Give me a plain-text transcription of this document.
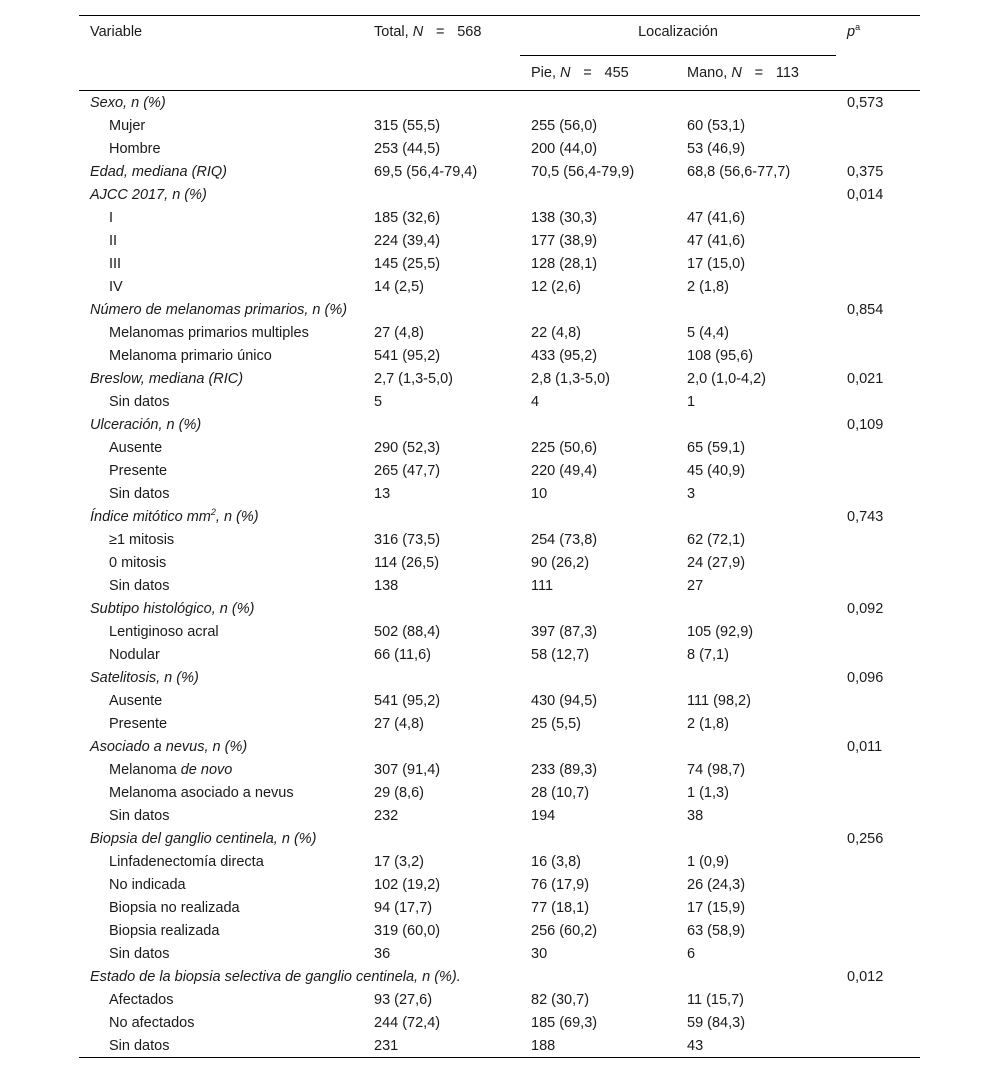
Variable	Total, N = 568	Localización		$p^a$
		Pie, N = 455	Mano, N = 113	
Sexo, n (%)				0,573
Mujer	315 (55,5)	255 (56,0)	60 (53,1)	
Hombre	253 (44,5)	200 (44,0)	53 (46,9)	
Edad, mediana (RIQ)	69,5 (56,4-79,4)	70,5 (56,4-79,9)	68,8 (56,6-77,7)	0,375
AJCC 2017, n (%)				0,014
I	185 (32,6)	138 (30,3)	47 (41,6)	
II	224 (39,4)	177 (38,9)	47 (41,6)	
III	145 (25,5)	128 (28,1)	17 (15,0)	
IV	14 (2,5)	12 (2,6)	2 (1,8)	
Número de melanomas primarios, n (%)				0,854
Melanomas primarios multiples	27 (4,8)	22 (4,8)	5 (4,4)	
Melanoma primario único	541 (95,2)	433 (95,2)	108 (95,6)	
Breslow, mediana (RIC)	2,7 (1,3-5,0)	2,8 (1,3-5,0)	2,0 (1,0-4,2)	0,021
Sin datos	5	4	1	
Ulceración, n (%)				0,109
Ausente	290 (52,3)	225 (50,6)	65 (59,1)	
Presente	265 (47,7)	220 (49,4)	45 (40,9)	
Sin datos	13	10	3	
Índice mitótico $mm^2$, n (%)				0,743
≥1 mitosis	316 (73,5)	254 (73,8)	62 (72,1)	
0 mitosis	114 (26,5)	90 (26,2)	24 (27,9)	
Sin datos	138	111	27	
Subtipo histológico, n (%)				0,092
Lentiginoso acral	502 (88,4)	397 (87,3)	105 (92,9)	
Nodular	66 (11,6)	58 (12,7)	8 (7,1)	
Satelitosis, n (%)				0,096
Ausente	541 (95,2)	430 (94,5)	111 (98,2)	
Presente	27 (4,8)	25 (5,5)	2 (1,8)	
Asociado a nevus, n (%)				0,011
Melanoma de novo	307 (91,4)	233 (89,3)	74 (98,7)	
Melanoma asociado a nevus	29 (8,6)	28 (10,7)	1 (1,3)	
Sin datos	232	194	38	
Biopsia del ganglio centinela, n (%)				0,256
Linfadenectomía directa	17 (3,2)	16 (3,8)	1 (0,9)	
No indicada	102 (19,2)	76 (17,9)	26 (24,3)	
Biopsia no realizada	94 (17,7)	77 (18,1)	17 (15,9)	
Biopsia realizada	319 (60,0)	256 (60,2)	63 (58,9)	
Sin datos	36	30	6	
Estado de la biopsia selectiva de ganglio centinela, n (%).				0,012
Afectados	93 (27,6)	82 (30,7)	11 (15,7)	
No afectados	244 (72,4)	185 (69,3)	59 (84,3)	
Sin datos	231	188	43	
